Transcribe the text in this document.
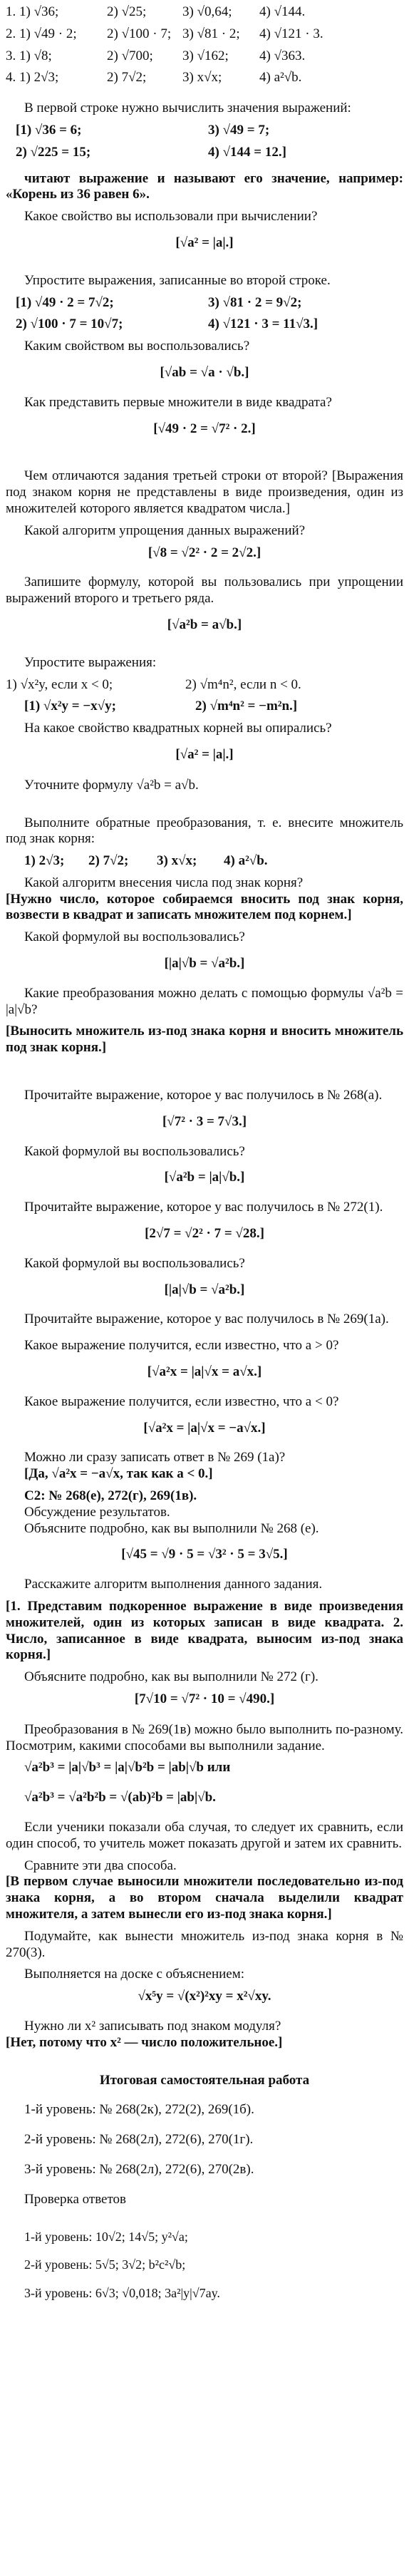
1. 1) √36;	2) √25;	3) √0,64;	4) √144.
2. 1) √49 · 2;	2) √100 · 7; 3) √81 · 2;	4) √121 · 3.
3. 1) √8;	2) √700;	3) √162;	4) √363.
4. 1) 2√3;	2) 7√2;	3) x√x;	4) a²√b.

В первой строке нужно вычислить значения выражений:

[1) √36 = 6;	3) √49 = 7;
2) √225 = 15;	4) √144 = 12.]

читают выражение и называют его значение, например: «Корень из 36 равен 6».

Какое свойство вы использовали при вычислении?

[√a² = |a|.]

Упростите выражения, записанные во второй строке.

[1) √49 · 2 = 7√2;	3) √81 · 2 = 9√2;
2) √100 · 7 = 10√7;	4) √121 · 3 = 11√3.]

Каким свойством вы воспользовались?

[√ab = √a · √b.]

Как представить первые множители в виде квадрата?

[√49 · 2 = √7² · 2.]

Чем отличаются задания третьей строки от второй? [Выражения под знаком корня не представлены в виде произведения, один из множителей которого является квадратом числа.]

Какой алгоритм упрощения данных выражений?

[√8 = √2² · 2 = 2√2.]

Запишите формулу, которой вы пользовались при упрощении выражений второго и третьего ряда.

[√a²b = a√b.]

Упростите выражения:

1) √x²y, если x < 0;	2) √m⁴n², если n < 0.
[1) √x²y = −x√y;	2) √m⁴n² = −m²n.]

На какое свойство квадратных корней вы опирались?

[√a² = |a|.]

Уточните формулу √a²b = a√b.

Выполните обратные преобразования, т. е. внесите множитель под знак корня:

1) 2√3;	2) 7√2;	3) x√x;	4) a²√b.

Какой алгоритм внесения числа под знак корня?

[Нужно число, которое собираемся вносить под знак корня, возвести в квадрат и записать множителем под корнем.]

Какой формулой вы воспользовались?

[|a|√b = √a²b.]

Какие преобразования можно делать с помощью формулы √a²b = |a|√b?

[Выносить множитель из-под знака корня и вносить множитель под знак корня.]

Прочитайте выражение, которое у вас получилось в № 268(а).

[√7² · 3 = 7√3.]

Какой формулой вы воспользовались?

[√a²b = |a|√b.]

Прочитайте выражение, которое у вас получилось в № 272(1).

[2√7 = √2² · 7 = √28.]

Какой формулой вы воспользовались?

[|a|√b = √a²b.]

Прочитайте выражение, которое у вас получилось в № 269(1а).

Какое выражение получится, если известно, что a > 0?

[√a²x = |a|√x = a√x.]

Какое выражение получится, если известно, что a < 0?

[√a²x = |a|√x = −a√x.]

Можно ли сразу записать ответ в № 269 (1а)?

[Да, √a²x = −a√x, так как a < 0.]

C2: № 268(е), 272(г), 269(1в).

Обсуждение результатов.

Объясните подробно, как вы выполнили № 268 (е).

[√45 = √9 · 5 = √3² · 5 = 3√5.]

Расскажите алгоритм выполнения данного задания.

[1. Представим подкоренное выражение в виде произведения множителей, один из которых записан в виде квадрата. 2. Число, записанное в виде квадрата, выносим из-под знака корня.]

Объясните подробно, как вы выполнили № 272 (г).

[7√10 = √7² · 10 = √490.]

Преобразования в № 269(1в) можно было выполнить по-разному. Посмотрим, какими способами вы выполнили задание.

√a²b³ = |a|√b³ = |a|√b²b = |ab|√b или

√a²b³ = √a²b²b = √(ab)²b = |ab|√b.

Если ученики показали оба случая, то следует их сравнить, если один способ, то учитель может показать другой и затем их сравнить.

Сравните эти два способа.

[В первом случае выносили множители последовательно из-под знака корня, а во втором сначала выделили квадрат множителя, а затем вынесли его из-под знака корня.]

Подумайте, как вынести множитель из-под знака корня в № 270(3).

Выполняется на доске с объяснением:

√x⁵y = √(x²)²xy = x²√xy.

Нужно ли x² записывать под знаком модуля?

[Нет, потому что x² — число положительное.]

Итоговая самостоятельная работа

1-й уровень: № 268(2к), 272(2), 269(1б).

2-й уровень: № 268(2л), 272(6), 270(1г).

3-й уровень: № 268(2л), 272(6), 270(2в).

Проверка ответов

1-й уровень: 10√2; 14√5; y²√a;

2-й уровень: 5√5; 3√2; b²c²√b;

3-й уровень: 6√3; √0,018; 3a²|y|√7ay.
